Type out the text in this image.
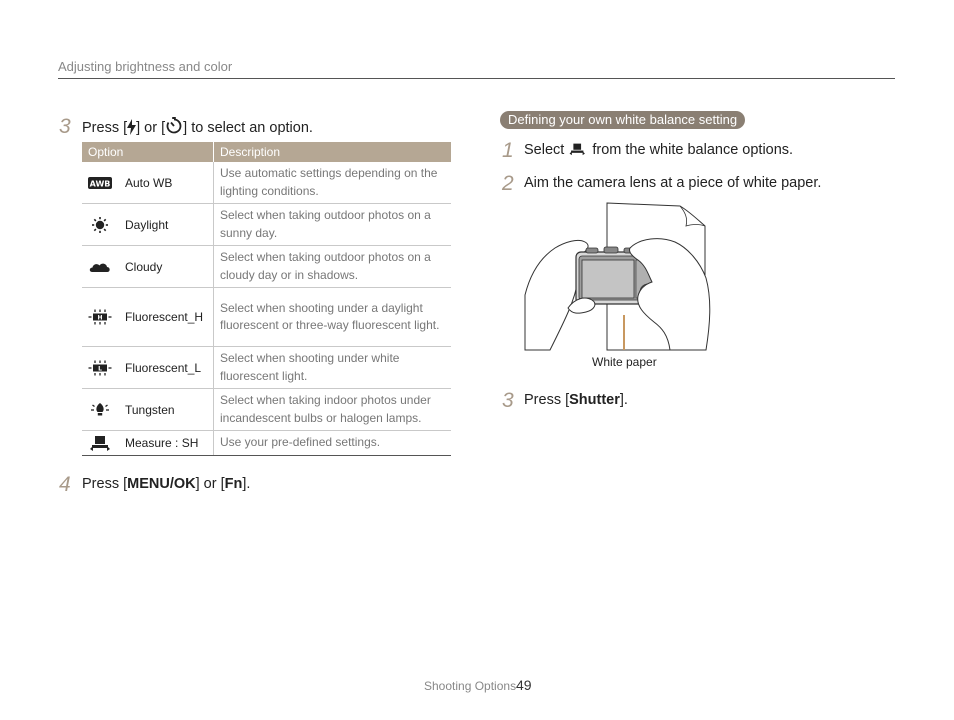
Adjusting brightness and color
3 Press [ ] or [ ] to select an option.
Option	Description

AWB Auto WB	Use automatic settings depending on the lighting conditions.
Daylight	Select when taking outdoor photos on a sunny day.
Cloudy	Select when taking outdoor photos on a cloudy day or in shadows.

H Fluorescent_H	Select when shooting under a daylight fluorescent or three-way fluorescent light.

L Fluorescent_L	Select when shooting under white fluorescent light.
Tungsten	Select when taking indoor photos under incandescent bulbs or halogen lamps.
Measure : SH	Use your pre-defined settings.
4 Press [MENU/OK] or [Fn].
Defining your own white balance setting
1 Select  from the white balance options.
2 Aim the camera lens at a piece of white paper.
White paper
3 Press [Shutter].
Shooting Options 49
